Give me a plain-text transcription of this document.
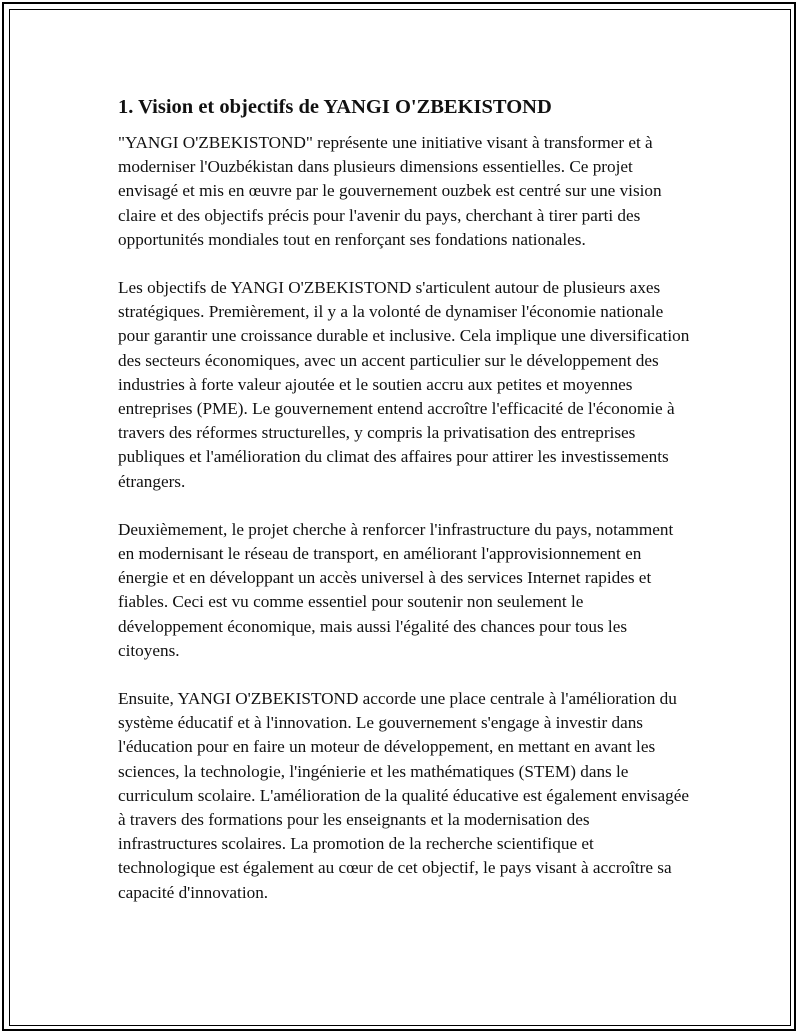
1. Vision et objectifs de YANGI O'ZBEKISTOND

"YANGI O'ZBEKISTOND" représente une initiative visant à transformer et à moderniser l'Ouzbékistan dans plusieurs dimensions essentielles. Ce projet envisagé et mis en œuvre par le gouvernement ouzbek est centré sur une vision claire et des objectifs précis pour l'avenir du pays, cherchant à tirer parti des opportunités mondiales tout en renforçant ses fondations nationales.

Les objectifs de YANGI O'ZBEKISTOND s'articulent autour de plusieurs axes stratégiques. Premièrement, il y a la volonté de dynamiser l'économie nationale pour garantir une croissance durable et inclusive. Cela implique une diversification des secteurs économiques, avec un accent particulier sur le développement des industries à forte valeur ajoutée et le soutien accru aux petites et moyennes entreprises (PME). Le gouvernement entend accroître l'efficacité de l'économie à travers des réformes structurelles, y compris la privatisation des entreprises publiques et l'amélioration du climat des affaires pour attirer les investissements étrangers.

Deuxièmement, le projet cherche à renforcer l'infrastructure du pays, notamment en modernisant le réseau de transport, en améliorant l'approvisionnement en énergie et en développant un accès universel à des services Internet rapides et fiables. Ceci est vu comme essentiel pour soutenir non seulement le développement économique, mais aussi l'égalité des chances pour tous les citoyens.

Ensuite, YANGI O'ZBEKISTOND accorde une place centrale à l'amélioration du système éducatif et à l'innovation. Le gouvernement s'engage à investir dans l'éducation pour en faire un moteur de développement, en mettant en avant les sciences, la technologie, l'ingénierie et les mathématiques (STEM) dans le curriculum scolaire. L'amélioration de la qualité éducative est également envisagée à travers des formations pour les enseignants et la modernisation des infrastructures scolaires. La promotion de la recherche scientifique et technologique est également au cœur de cet objectif, le pays visant à accroître sa capacité d'innovation.
